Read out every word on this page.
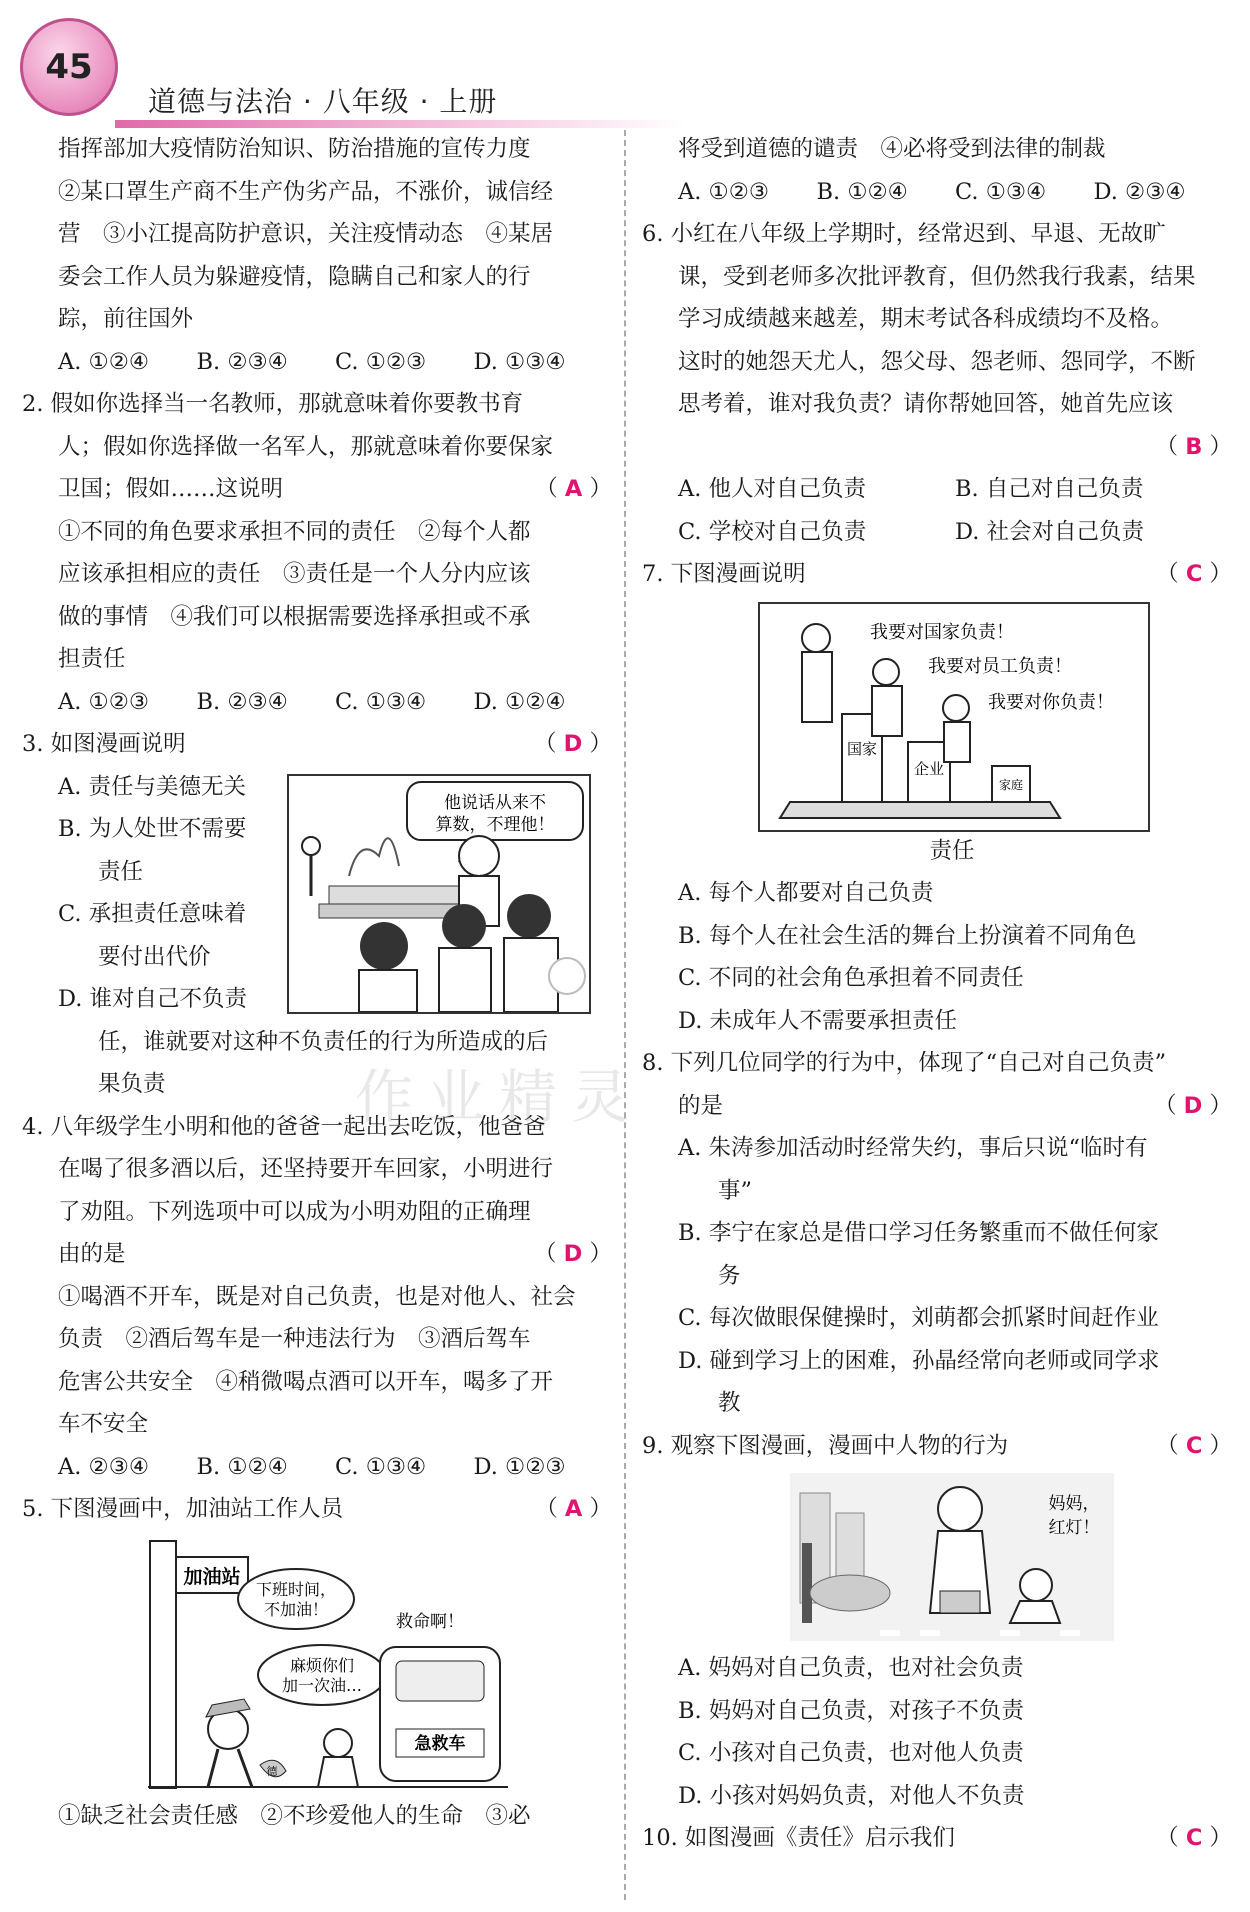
45
道德与法治 · 八年级 · 上册
指挥部加大疫情防治知识、防治措施的宣传力度
②某口罩生产商不生产伪劣产品，不涨价，诚信经
营　③小江提高防护意识，关注疫情动态　④某居
委会工作人员为躲避疫情，隐瞒自己和家人的行
踪，前往国外
A. ①②④	B. ②③④	C. ①②③	D. ①③④
2. 假如你选择当一名教师，那就意味着你要教书育
人；假如你选择做一名军人，那就意味着你要保家
卫国；假如……这说明	（ A ）
①不同的角色要求承担不同的责任　②每个人都
应该承担相应的责任　③责任是一个人分内应该
做的事情　④我们可以根据需要选择承担或不承
担责任
A. ①②③	B. ②③④	C. ①③④	D. ①②④
3. 如图漫画说明	（ D ）
A. 责任与美德无关
B. 为人处世不需要
责任
C. 承担责任意味着
要付出代价
D. 谁对自己不负责
他说话从来不
算数，不理他！
任，谁就要对这种不负责任的行为所造成的后
果负责
4. 八年级学生小明和他的爸爸一起出去吃饭，他爸爸
在喝了很多酒以后，还坚持要开车回家，小明进行
了劝阻。下列选项中可以成为小明劝阻的正确理
由的是	（ D ）
①喝酒不开车，既是对自己负责，也是对他人、社会
负责　②酒后驾车是一种违法行为　③酒后驾车
危害公共安全　④稍微喝点酒可以开车，喝多了开
车不安全
A. ②③④	B. ①②④	C. ①③④	D. ①②③
5. 下图漫画中，加油站工作人员	（ A ）
加油站
下班时间，
不加油！
麻烦你们
加一次油…
救命啊！
急救车
德
①缺乏社会责任感　②不珍爱他人的生命　③必
将受到道德的谴责　④必将受到法律的制裁
A. ①②③	B. ①②④	C. ①③④	D. ②③④
6. 小红在八年级上学期时，经常迟到、早退、无故旷
课，受到老师多次批评教育，但仍然我行我素，结果
学习成绩越来越差，期末考试各科成绩均不及格。
这时的她怨天尤人，怨父母、怨老师、怨同学，不断
思考着，谁对我负责？请你帮她回答，她首先应该
（ B ）
A. 他人对自己负责	B. 自己对自己负责
C. 学校对自己负责	D. 社会对自己负责
7. 下图漫画说明	（ C ）
我要对国家负责！
我要对员工负责！
我要对你负责！
国家
企业
家庭
责任
A. 每个人都要对自己负责
B. 每个人在社会生活的舞台上扮演着不同角色
C. 不同的社会角色承担着不同责任
D. 未成年人不需要承担责任
8. 下列几位同学的行为中，体现了“自己对自己负责”
的是	（ D ）
A. 朱涛参加活动时经常失约，事后只说“临时有
事”
B. 李宁在家总是借口学习任务繁重而不做任何家
务
C. 每次做眼保健操时，刘萌都会抓紧时间赶作业
D. 碰到学习上的困难，孙晶经常向老师或同学求
教
9. 观察下图漫画，漫画中人物的行为	（ C ）
妈妈，
红灯！
A. 妈妈对自己负责，也对社会负责
B. 妈妈对自己负责，对孩子不负责
C. 小孩对自己负责，也对他人负责
D. 小孩对妈妈负责，对他人不负责
10. 如图漫画《责任》启示我们	（ C ）
作业精灵
